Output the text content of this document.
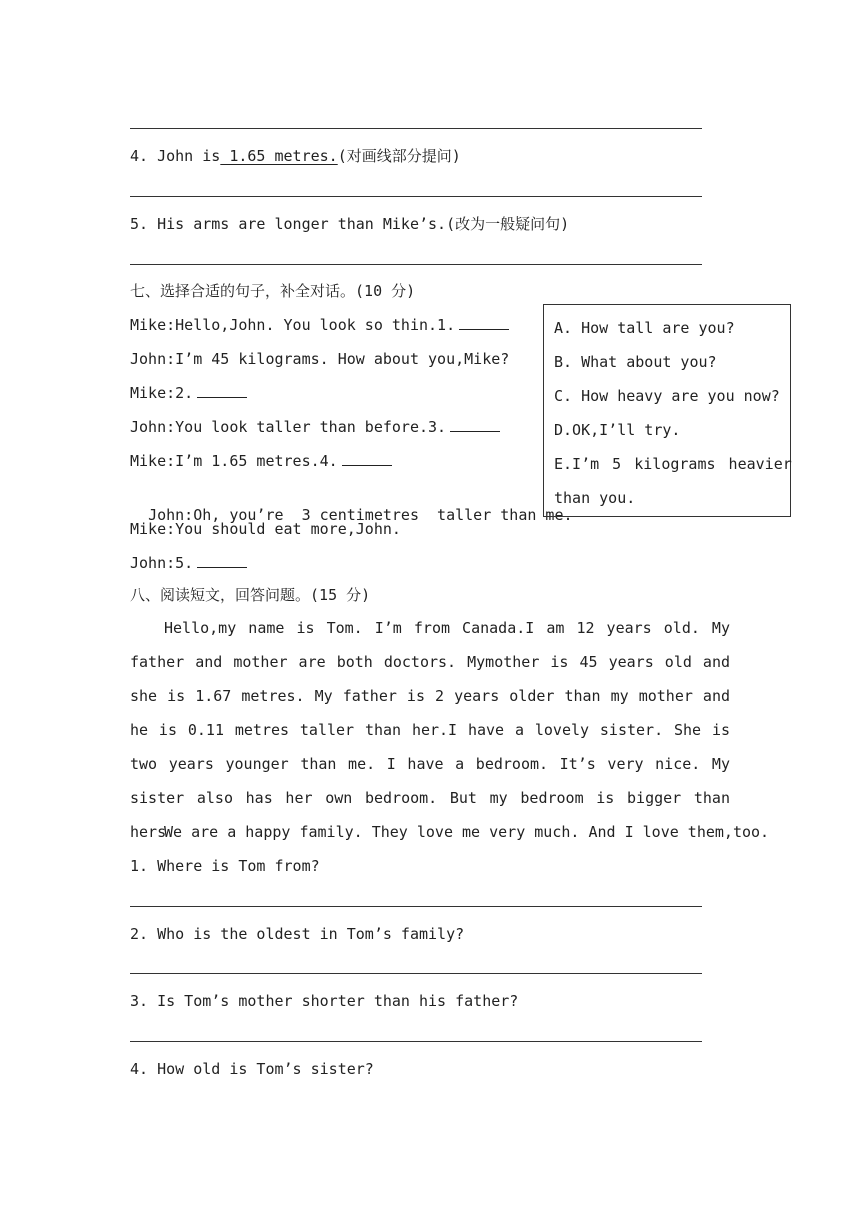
4. John is 1.65 metres.(对画线部分提问)
5. His arms are longer than Mike’s.(改为一般疑问句)
七、选择合适的句子，补全对话。(10 分)
Mike:Hello,John. You look so thin.1.
John:I’m 45 kilograms. How about you,Mike?
Mike:2.
John:You look taller than before.3.
Mike:I’m 1.65 metres.4.

John:Oh, you’re  3 centimetres  taller than me.

Mike:You should eat more,John.
John:5.
A. How tall are you?
B. What about you?
C. How heavy are you now?
D.OK,I’ll try.
E.I’m 5 kilograms heavier
than you.
八、阅读短文，回答问题。(15 分)
Hello,my name is Tom. I’m from Canada.I am 12 years old. My father and mother are both doctors. Mymother is 45 years old and she is 1.67 metres. My father is 2 years older than my mother and he is 0.11 metres taller than her.I have a lovely sister. She is two years younger than me. I have a bedroom. It’s very nice. My sister also has her own bedroom. But my bedroom is bigger than hers.
We are a happy family. They love me very much. And I love them,too.
1. Where is Tom from?
2. Who is the oldest in Tom’s family?
3. Is Tom’s mother shorter than his father?
4. How old is Tom’s sister?
